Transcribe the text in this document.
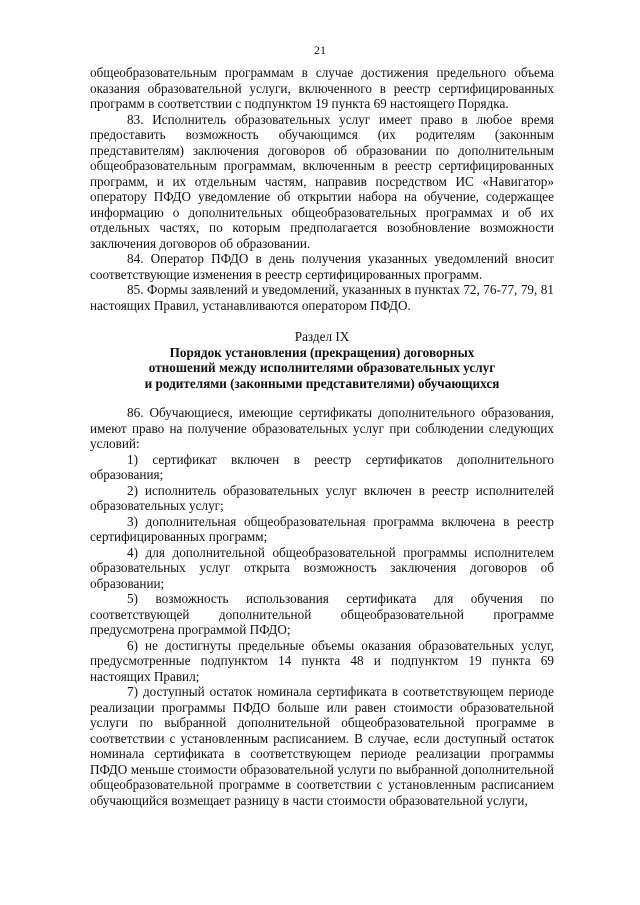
21

общеобразовательным программам в случае достижения предельного объема оказания образовательной услуги, включенного в реестр сертифицированных программ в соответствии с подпунктом 19 пункта 69 настоящего Порядка.

83. Исполнитель образовательных услуг имеет право в любое время предоставить возможность обучающимся (их родителям (законным представителям) заключения договоров об образовании по дополнительным общеобразовательным программам, включенным в реестр сертифицированных программ, и их отдельным частям, направив посредством ИС «Навигатор» оператору ПФДО уведомление об открытии набора на обучение, содержащее информацию о дополнительных общеобразовательных программах и об их отдельных частях, по которым предполагается возобновление возможности заключения договоров об образовании.

84. Оператор ПФДО в день получения указанных уведомлений вносит соответствующие изменения в реестр сертифицированных программ.

85. Формы заявлений и уведомлений, указанных в пунктах 72, 76-77, 79, 81 настоящих Правил, устанавливаются оператором ПФДО.

Раздел IX

Порядок установления (прекращения) договорных

отношений между исполнителями образовательных услуг

и родителями (законными представителями) обучающихся

86. Обучающиеся, имеющие сертификаты дополнительного образования, имеют право на получение образовательных услуг при соблюдении следующих условий:

1) сертификат включен в реестр сертификатов дополнительного образования;

2) исполнитель образовательных услуг включен в реестр исполнителей образовательных услуг;

3) дополнительная общеобразовательная программа включена в реестр сертифицированных программ;

4) для дополнительной общеобразовательной программы исполнителем образовательных услуг открыта возможность заключения договоров об образовании;

5) возможность использования сертификата для обучения по соответствующей дополнительной общеобразовательной программе предусмотрена программой ПФДО;

6) не достигнуты предельные объемы оказания образовательных услуг, предусмотренные подпунктом 14 пункта 48 и подпунктом 19 пункта 69 настоящих Правил;

7) доступный остаток номинала сертификата в соответствующем периоде реализации программы ПФДО больше или равен стоимости образовательной услуги по выбранной дополнительной общеобразовательной программе в соответствии с установленным расписанием. В случае, если доступный остаток номинала сертификата в соответствующем периоде реализации программы ПФДО меньше стоимости образовательной услуги по выбранной дополнительной общеобразовательной программе в соответствии с установленным расписанием обучающийся возмещает разницу в части стоимости образовательной услуги,
